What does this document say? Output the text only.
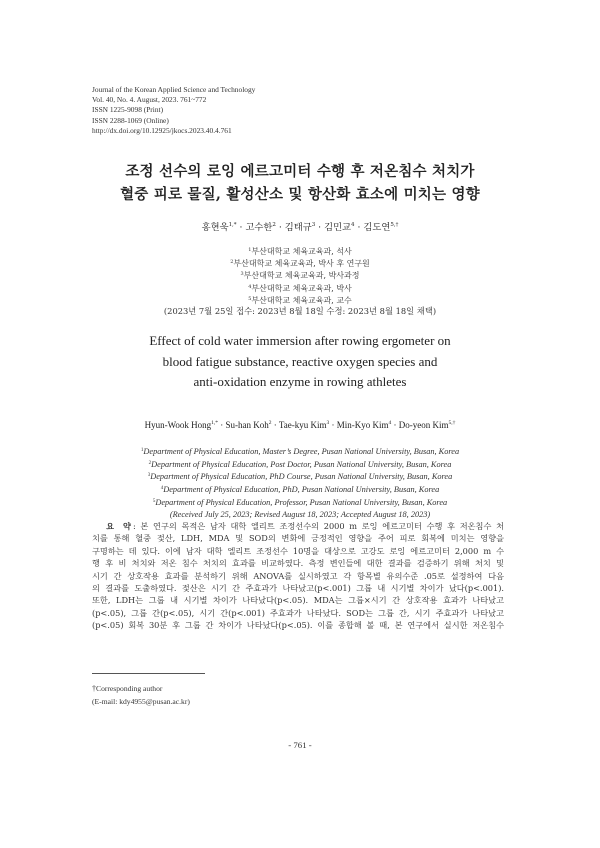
Journal of the Korean Applied Science and Technology
Vol. 40, No. 4. August, 2023. 761~772
ISSN 1225-9098 (Print)
ISSN 2288-1069 (Online)
http://dx.doi.org/10.12925/jkocs.2023.40.4.761
조정 선수의 로잉 에르고미터 수행 후 저온침수 처치가
혈중 피로 물질, 활성산소 및 항산화 효소에 미치는 영향
홍현욱$^{1,*}$ · 고수한$^2$ · 김태규$^3$ · 김민교$^4$ · 김도연$^{5,\dagger}$
$^1$부산대학교 체육교육과, 석사
$^2$부산대학교 체육교육과, 박사 후 연구원
$^3$부산대학교 체육교육과, 박사과정
$^4$부산대학교 체육교육과, 박사
$^5$부산대학교 체육교육과, 교수
(2023년 7월 25일 접수: 2023년 8월 18일 수정: 2023년 8월 18일 채택)
Effect of cold water immersion after rowing ergometer on
blood fatigue substance, reactive oxygen species and
anti-oxidation enzyme in rowing athletes
Hyun-Wook Hong$^{1,*}$ · Su-han Koh$^2$ · Tae-kyu Kim$^3$ · Min-Kyo Kim$^4$ · Do-yeon Kim$^{5,\dagger}$
$^1$Department of Physical Education, Master’s Degree, Pusan National University, Busan, Korea
$^2$Department of Physical Education, Post Doctor, Pusan National University, Busan, Korea
$^3$Department of Physical Education, PhD Course, Pusan National University, Busan, Korea
$^4$Department of Physical Education, PhD, Pusan National University, Busan, Korea
$^5$Department of Physical Education, Professor, Pusan National University, Busan, Korea
(Received July 25, 2023; Revised August 18, 2023; Accepted August 18, 2023)
요 약: 본 연구의 목적은 남자 대학 엘리트 조정선수의 2000 m 로잉 에르고미터 수행 후 저온침수 처
치를 통해 혈중 젖산, LDH, MDA 및 SOD의 변화에 긍정적인 영향을 주어 피로 회복에 미치는 영향을
구명하는 데 있다. 이에 남자 대학 엘리트 조정선수 10명을 대상으로 고강도 로잉 에르고미터 2,000 m 수
행 후 비 처치와 저온 침수 처치의 효과를 비교하였다. 측정 변인들에 대한 결과를 검증하기 위해 처치 및
시기 간 상호작용 효과를 분석하기 위해 ANOVA를 실시하였고 각 항목별 유의수준 .05로 설정하여 다음
의 결과를 도출하였다. 젖산은 시기 간 주효과가 나타났고(p<.001) 그룹 내 시기별 차이가 났다(p<.001).
또한, LDH는 그룹 내 시기별 차이가 나타났다(p<.05). MDA는 그룹×시기 간 상호작용 효과가 나타났고
(p<.05), 그룹 간(p<.05), 시기 간(p<.001) 주효과가 나타났다. SOD는 그룹 간, 시기 주효과가 나타났고
(p<.05) 회복 30분 후 그룹 간 차이가 나타났다(p<.05). 이를 종합해 볼 때, 본 연구에서 실시한 저온침수
†Corresponding author
(E-mail: kdy4955@pusan.ac.kr)
- 761 -
